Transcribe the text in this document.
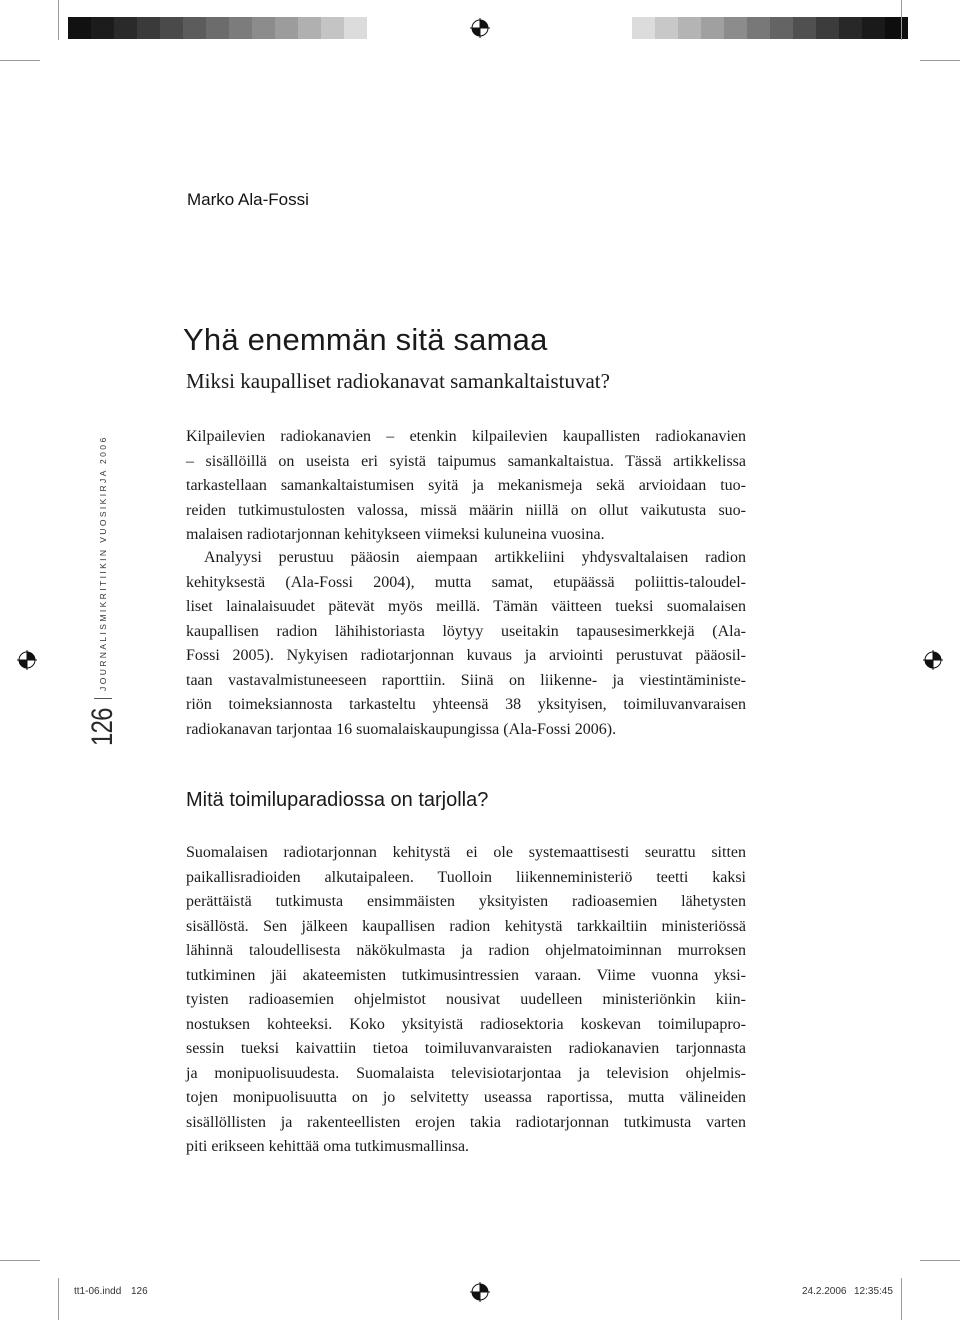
Marko Ala-Fossi
Yhä enemmän sitä samaa
Miksi kaupalliset radiokanavat samankaltaistuvat?
Kilpailevien radiokanavien – etenkin kilpailevien kaupallisten radiokanavien
– sisällöillä on useista eri syistä taipumus samankaltaistua. Tässä artikkelissa
tarkastellaan samankaltaistumisen syitä ja mekanismeja sekä arvioidaan tuo-
reiden tutkimustulosten valossa, missä määrin niillä on ollut vaikutusta suo-
malaisen radiotarjonnan kehitykseen viimeksi kuluneina vuosina.
Analyysi perustuu pääosin aiempaan artikkeliini yhdysvaltalaisen radion
kehityksestä (Ala-Fossi 2004), mutta samat, etupäässä poliittis-taloudel-
liset lainalaisuudet pätevät myös meillä. Tämän väitteen tueksi suomalaisen
kaupallisen radion lähihistoriasta löytyy useitakin tapausesimerkkejä (Ala-
Fossi 2005). Nykyisen radiotarjonnan kuvaus ja arviointi perustuvat pääosil-
taan vastavalmistuneeseen raporttiin. Siinä on liikenne- ja viestintäministe-
riön toimeksiannosta tarkasteltu yhteensä 38 yksityisen, toimiluvanvaraisen
radiokanavan tarjontaa 16 suomalaiskaupungissa (Ala-Fossi 2006).
Mitä toimiluparadiossa on tarjolla?
Suomalaisen radiotarjonnan kehitystä ei ole systemaattisesti seurattu sitten
paikallisradioiden alkutaipaleen. Tuolloin liikenneministeriö teetti kaksi
perättäistä tutkimusta ensimmäisten yksityisten radioasemien lähetysten
sisällöstä. Sen jälkeen kaupallisen radion kehitystä tarkkailtiin ministeriössä
lähinnä taloudellisesta näkökulmasta ja radion ohjelmatoiminnan murroksen
tutkiminen jäi akateemisten tutkimusintressien varaan. Viime vuonna yksi-
tyisten radioasemien ohjelmistot nousivat uudelleen ministeriönkin kiin-
nostuksen kohteeksi. Koko yksityistä radiosektoria koskevan toimilupapro-
sessin tueksi kaivattiin tietoa toimiluvanvaraisten radiokanavien tarjonnasta
ja monipuolisuudesta. Suomalaista televisiotarjontaa ja television ohjelmis-
tojen monipuolisuutta on jo selvitetty useassa raportissa, mutta välineiden
sisällöllisten ja rakenteellisten erojen takia radiotarjonnan tutkimusta varten
piti erikseen kehittää oma tutkimusmallinsa.
126
JOURNALISMIKRITIIKIN VUOSIKIRJA 2006
tt1-06.indd 126	24.2.2006 12:35:45
